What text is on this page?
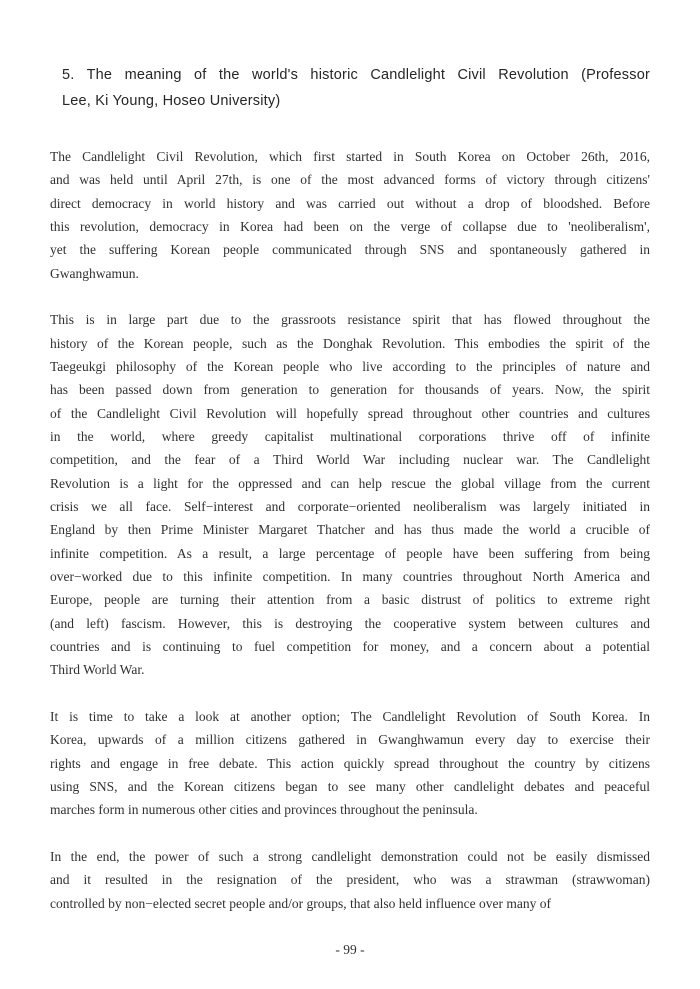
5. The meaning of the world's historic Candlelight Civil Revolution (Professor
Lee, Ki Young, Hoseo University)
The Candlelight Civil Revolution, which first started in South Korea on October 26th, 2016,
and was held until April 27th, is one of the most advanced forms of victory through citizens'
direct democracy in world history and was carried out without a drop of bloodshed. Before
this revolution, democracy in Korea had been on the verge of collapse due to 'neoliberalism',
yet the suffering Korean people communicated through SNS and spontaneously gathered in
Gwanghwamun.
This is in large part due to the grassroots resistance spirit that has flowed throughout the
history of the Korean people, such as the Donghak Revolution. This embodies the spirit of the
Taegeukgi philosophy of the Korean people who live according to the principles of nature and
has been passed down from generation to generation for thousands of years. Now, the spirit
of the Candlelight Civil Revolution will hopefully spread throughout other countries and cultures
in the world, where greedy capitalist multinational corporations thrive off of infinite
competition, and the fear of a Third World War including nuclear war. The Candlelight
Revolution is a light for the oppressed and can help rescue the global village from the current
crisis we all face. Self−interest and corporate−oriented neoliberalism was largely initiated in
England by then Prime Minister Margaret Thatcher and has thus made the world a crucible of
infinite competition. As a result, a large percentage of people have been suffering from being
over−worked due to this infinite competition. In many countries throughout North America and
Europe, people are turning their attention from a basic distrust of politics to extreme right
(and left) fascism. However, this is destroying the cooperative system between cultures and
countries and is continuing to fuel competition for money, and a concern about a potential
Third World War.
It is time to take a look at another option; The Candlelight Revolution of South Korea. In
Korea, upwards of a million citizens gathered in Gwanghwamun every day to exercise their
rights and engage in free debate. This action quickly spread throughout the country by citizens
using SNS, and the Korean citizens began to see many other candlelight debates and peaceful
marches form in numerous other cities and provinces throughout the peninsula.
In the end, the power of such a strong candlelight demonstration could not be easily dismissed
and it resulted in the resignation of the president, who was a strawman (strawwoman)
controlled by non−elected secret people and/or groups, that also held influence over many of
- 99 -
